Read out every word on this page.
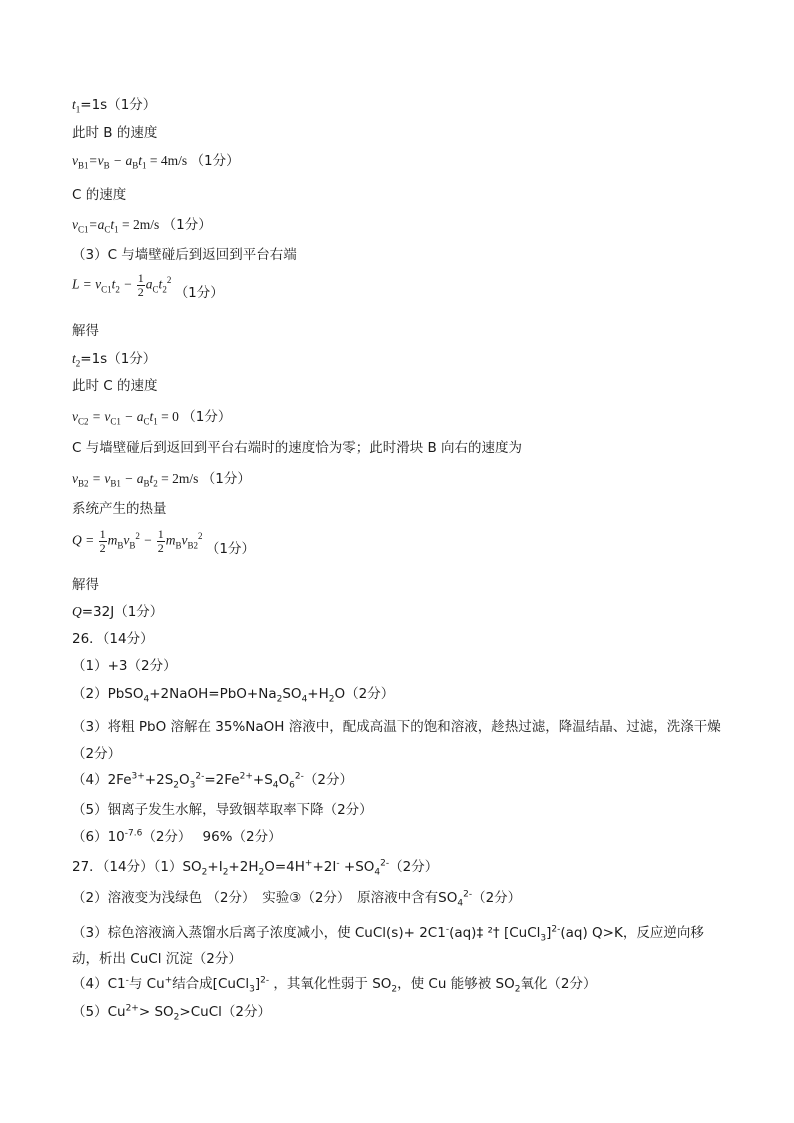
$t_1=1s(1$分）
此时 B 的速度
$v_{B1}=v_B - a_Bt_1 = 4m/s$ （1分）
C 的速度
$v_{C1}=a_Ct_1 = 2m/s$ （1分）
（3）C 与墙壁碰后到返回到平台右端
$L = v_{C1}t_2 - \frac{1}{2} a_Ct_2^2$ （1分）
解得
$t_2=1s(1$分）
此时 C 的速度
$v_{C2} = v_{C1} - a_Ct_1 = 0$ （1分）
C 与墙壁碰后到返回到平台右端时的速度恰为零；此时滑块 B 向右的速度为
$v_{B2} = v_{B1} - a_Bt_2 = 2m/s$ （1分）
系统产生的热量
$Q = \frac{1}{2} m_Bv_B^2 - \frac{1}{2} m_Bv_{B2}^2$ （1分）
解得
Q=32J（1分）
26．（14分）
（1）+3（2分）
$(2)PbSO_4+2NaOH=PbO+Na_2SO_4+H_2O(2$分）
（3）将粗 PbO 溶解在 35%NaOH 溶液中，配成高温下的饱和溶液，趁热过滤，降温结晶、过滤，洗涤干燥（2分）
$(4)2Fe^{3+}+2S_2O_3^{2-}=2Fe^{2+}+S_4O_6^{2-}(2$分）
（5）铟离子发生水解，导致铟萃取率下降（2分）
$(6)10^{-7.6}(2$分）　 96%（2分）
27．（14分）$(1)SO_2+I_2+2H_2O=4H^++2I^- +SO_4^{2-}(2$分）
（2）溶液变为浅绿色 （2分）　实验③（2分）　原溶液中含有$SO_4^{2-}(2$分）
（3）棕色溶液滴入蒸馏水后离子浓度减小，使 CuCl(s)+ 2C1-(aq)‡ ²† [CuCl$_3$]$^{2-}$(aq) Q>K，反应逆向移动，析出 CuCl 沉淀（2分）
（4）C1-与 Cu+结合成[CuCl$_3$]$^{2-}$ ，其氧化性弱于 $SO_2$，使 Cu 能够被 $SO_2$氧化（2分）
$(5)Cu^{2+}>$ $SO_2>CuCl(2$分）
